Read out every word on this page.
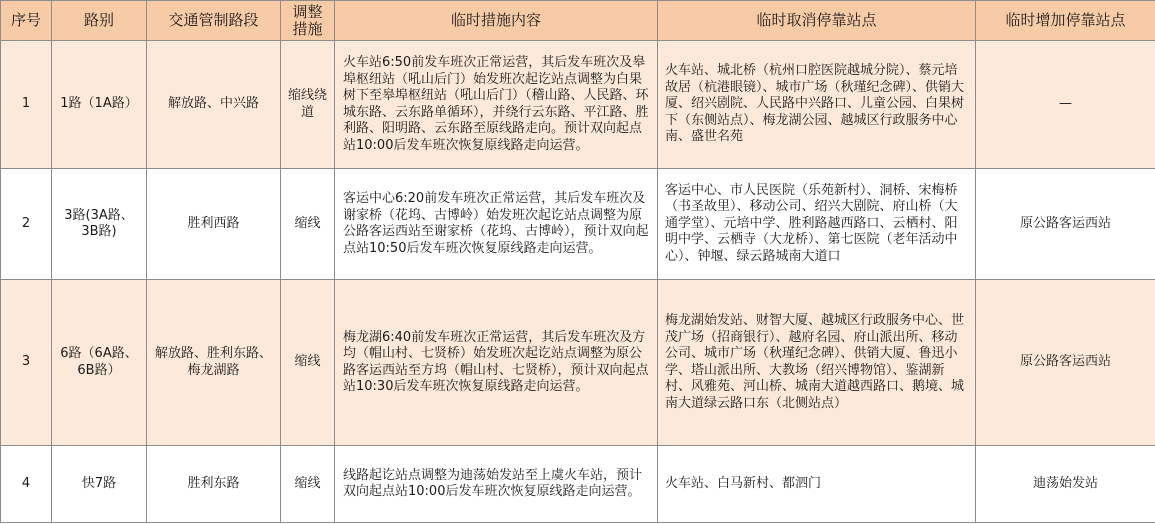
序号	路别	交通管制路段	调整措施	临时措施内容	临时取消停靠站点	临时增加停靠站点
1	1路（1A路）	解放路、中兴路	缩线绕道	火车站6:50前发车班次正常运营，其后发车班次及皋埠枢纽站（吼山后门）始发班次起讫站点调整为白果树下至皋埠枢纽站（吼山后门）（稽山路、人民路、环城东路、云东路单循环），并绕行云东路、平江路、胜利路、阳明路、云东路至原线路走向。预计双向起点站10:00后发车班次恢复原线路走向运营。	火车站、城北桥（杭州口腔医院越城分院）、蔡元培故居（杭港眼镜）、城市广场（秋瑾纪念碑）、供销大厦、绍兴剧院、人民路中兴路口、儿童公园、白果树下（东侧站点）、梅龙湖公园、越城区行政服务中心南、盛世名苑	—
2	3路(3A路、3B路)	胜利西路	缩线	客运中心6:20前发车班次正常运营，其后发车班次及谢家桥（花坞、古博岭）始发班次起讫站点调整为原公路客运西站至谢家桥（花坞、古博岭），预计双向起点站10:50后发车班次恢复原线路走向运营。	客运中心、市人民医院（乐苑新村）、洞桥、宋梅桥（书圣故里）、移动公司、绍兴大剧院、府山桥（大通学堂）、元培中学、胜利路越西路口、云栖村、阳明中学、云栖寺（大龙桥）、第七医院（老年活动中心）、钟堰、绿云路城南大道口	原公路客运西站
3	6路（6A路、6B路）	解放路、胜利东路、梅龙湖路	缩线	梅龙湖6:40前发车班次正常运营，其后发车班次及方均（帽山村、七贤桥）始发班次起讫站点调整为原公路客运西站至方坞（帽山村、七贤桥），预计双向起点站10:30后发车班次恢复原线路走向运营。	梅龙湖始发站、财智大厦、越城区行政服务中心、世茂广场（招商银行）、越府名园、府山派出所、移动公司、城市广场（秋瑾纪念碑）、供销大厦、鲁迅小学、塔山派出所、大教场（绍兴博物馆）、鉴湖新村、风雅苑、河山桥、城南大道越西路口、鹅境、城南大道绿云路口东（北侧站点）	原公路客运西站
4	快7路	胜利东路	缩线	线路起讫站点调整为迪荡始发站至上虞火车站，预计双向起点站10:00后发车班次恢复原线路走向运营。	火车站、白马新村、都泗门	迪荡始发站
